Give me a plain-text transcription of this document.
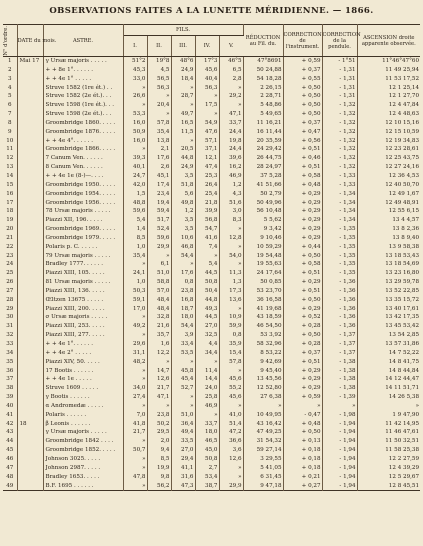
OBSERVATIONS FAITES A LA LUNETTE MÉRIDIENNE. — 1866.
N° d'ordre.	DATE du mois.	ASTRE.	FILS.					RÉDUCTION au Fil. du.	CORRECTION de l'instrument.	CORRECTION de la pendule.	ASCENSION droite apparente observée.
			I.	II.	III.	IV.	V.				
1	Mai 17	γ Ursæ majoris . . . . .	51°2	19°8	48°6	17°3	46°5	47°8691	+ 0,59	- 1°51	11°46°47°60
2		+ + 8e 1°. . . . . .	45,3	4,5	24,9	45,6	6,5	50 24,88	+ 0,37	- 1,31	11 49 25,94
3		+ + 4e 1° . . . . .	33,0	56,5	18,4	40,4	2,8	54 18,28	+ 0,55	- 1,31	11 53 17,52
4		Struve 1582 (1re ét.) . .	»	56,3	»	56,3	»	2 26,15	+ 0,50	- 1,31	12 1 25,14
5		Struve 1582 (2e ét.). . .	26,6	»	28,7	»	29,2	2 28,71	+ 0,50	- 1,31	12 1 27,70
6		Struve 1598 (1re ét.). . .	»	20,4	»	17,5	»	5 48,86	+ 0,50	- 1,32	12 4 47,84
7		Struve 1598 (2e ét.). . .	53,3	»	49,7	»	47,1	5 49,65	+ 0,50	- 1,32	12 4 48,63
8		Groombridge 1860. . . . .	16,0	57,8	16,5	54,9	33,7	11 16,21	+ 0,37	- 1,32	12 10 15,16
9		Groombridge 1876. . . . .	50,9	35,4	11,5	47,6	24,4	16 11,44	+ 0,47	- 1,32	12 15 10,59
10		+ + 4e 4°. . . . . .	16,0	13,8	»	57,1	19,8	20 35,59	+ 0,56	- 1,32	12 19 34,83
11		Groombridge 1866. . . . .	»	2,1	20,5	37,1	24,4	24 29,42	+ 0,51	- 1,32	12 23 28,61
12		7 Canum Ven. . . . . .	39,3	17,6	44,8	12,1	39,6	26 44,75	+ 0,46	- 1,32	12 25 43,75
13		8 Canum Ven. . . . . .	40,1	2,6	24,9	47,4	16,2	28 24,97	+ 0,51	- 1,32	12 27 24,16
14		+ + 4e 1e (8-)—. . . .	24,7	45,1	3,5	25,3	46,9	37 5,28	+ 0,58	- 1,33	12 36 4,53
15		Groombridge 1950. . . . .	42,0	17,4	51,8	26,4	1,2	41 51,66	+ 0,48	- 1,33	12 40 50,70
16		Groombridge 1954. . . . .	1,5	23,4	5,6	25,4	4,3	50 2,79	+ 0,29	- 1,34	12 49 1,67
17		Groombridge 1956. . . . .	48,8	19,4	49,8	21,8	51,6	50 49,96	+ 0,29	- 1,34	12 49 48,91
18		78 Ursæ majoris . . . . .	59,6	59,4	1,2	39,9	3,0	56 10,48	+ 0,29	- 1,34	12 55 6,15
19		Piazzi XII, 196. . . . .	5,4	51,7	3,5	56,8	8,3	5 5,62	+ 0,29	- 1,34	13 4 4,57
20		Groombridge 1969. . . . .	1,4	52,4	3,5	54,7	»	9 3,42	+ 0,29	- 1,35	13 8 2,36
21		Groombridge 1979. . . . .	8,5	59,6	10,6	41,6	12,8	9 10,46	+ 0,29	- 1,35	13 8 9,40
22		Polaris p. C. . . . . .	1,0	29,9	46,8	7,4	»	10 59,29	+ 0,44	- 1,35	13 9 58,38
23		79 Ursæ majoris . . . . .	35,4	»	54,4	»	54,0	19 54,48	+ 0,50	- 1,35	13 18 53,43
24		Bradley 1777. . . . . .	»	6,1	»	5,4	»	19 55,63	+ 0,58	- 1,35	13 18 54,69
25		Piazzi XIII, 105. . . . .	24,1	51,0	17,6	44,5	11,3	24 17,64	+ 0,51	- 1,35	13 23 16,80
26		81 Ursæ majoris . . . . .	1,0	58,8	0,8	50,8	1,3	50 0,85	+ 0,29	- 1,36	13 29 59,78
27		Piazzi XIII, 136. . . . .	50,3	57,0	23,8	50,4	17,3	53 23,70	+ 0,51	- 1,36	13 52 22,85
28		Œltzen 13675 . . . . .	59,1	48,4	16,8	44,8	13,6	36 16,58	+ 0,50	- 1,36	13 35 15,72
29		Piazzi XIII, 200. . . . .	17,0	48,4	18,7	49,3	»	41 19,68	+ 0,29	- 1,36	13 40 17,61
30		σ Ursæ majoris . . . . .	»	32,8	18,0	44,5	10,9	43 18,59	+ 0,52	- 1,36	13 42 17,35
31		Piazzi XIII, 253. . . . .	49,2	21,6	54,4	27,0	59,9	46 54,50	+ 0,28	- 1,36	13 45 53,42
32		Piazzi XIII, 277. . . . .	»	35,7	3,9	32,5	0,8	53 3,92	+ 0,50	- 1,37	13 54 2,85
33		+ + 4e 1°. . . . . .	29,6	1,6	33,4	4,4	35,9	58 32,96	+ 0,28	- 1,37	13 57 31,86
34		+ + 4e 2° . . . . .	31,1	12,2	53,5	34,4	15,4	8 53,22	+ 0,37	- 1,37	14 7 52,22
35		Piazzi XIV, 50. . . . .	48,2	»	»	»	57,8	9 42,69	+ 0,51	- 1,38	14 8 41,75
36		17 Bootis . . . . . .	»	14,7	45,8	11,4	»	9 45,40	+ 0,29	- 1,38	14 8 44,84
37		+ + 4e 1e . . . . .	»	12,6	45,4	14,4	45,6	13 45,56	+ 0,29	- 1,38	14 12 44,47
38		Struve 1609 . . . . .	34,0	21,7	52,7	24,0	55,2	12 52,80	+ 0,29	- 1,38	14 11 51,71
39		γ Bootis . . . . . .	27,4	47,1	»	25,8	45,6	27 6,38	+ 0,59	- 1,39	14 26 5,38
40		α Andromedæ . . . . .	»	»	»	46,9	»	»	»	»	»
41		Polaris . . . . . .	7,0	23,8	51,0	»	41,0	10 49,95	- 0,47	- 1,98	1 9 47,90
42	18	β Leonis . . . . . .	41,8	50,2	36,4	33,7	51,4	43 16,42	+ 0,48	- 1,94	11 42 14,95
43		γ Ursæ majoris . . . . .	21,7	29,5	49,4	18,0	47,2	47 49,25	+ 0,50	- 1,94	11 46 47,61
44		Groombridge 1842 . . . .	»	2,0	33,5	46,5	36,6	31 54,32	+ 0,13	- 1,94	11 50 32,51
45		Groombridge 1852. . . . .	50,7	9,4	27,0	45,0	3,6	59 27,14	+ 0,18	- 1,94	11 58 25,38
46		Johnson 3025. . . . .	»	8,5	29,4	50,8	12,6	3 29,55	+ 0,18	- 1,94	12 2 27,59
47		Johnson 2987. . . . .	»	19,9	41,1	2,7	»	5 41,05	+ 0,18	- 1,94	12 4 39,29
48		Bradley 1653. . . . .	47,8	9,8	31,6	53,4	»	6 31,45	+ 0,21	- 1,94	12 5 29,67
49		B.F. 1695 . . . . . .	»	56,2	47,3	38,7	29,9	9 47,18	+ 0,27	- 1,94	12 8 45,51
